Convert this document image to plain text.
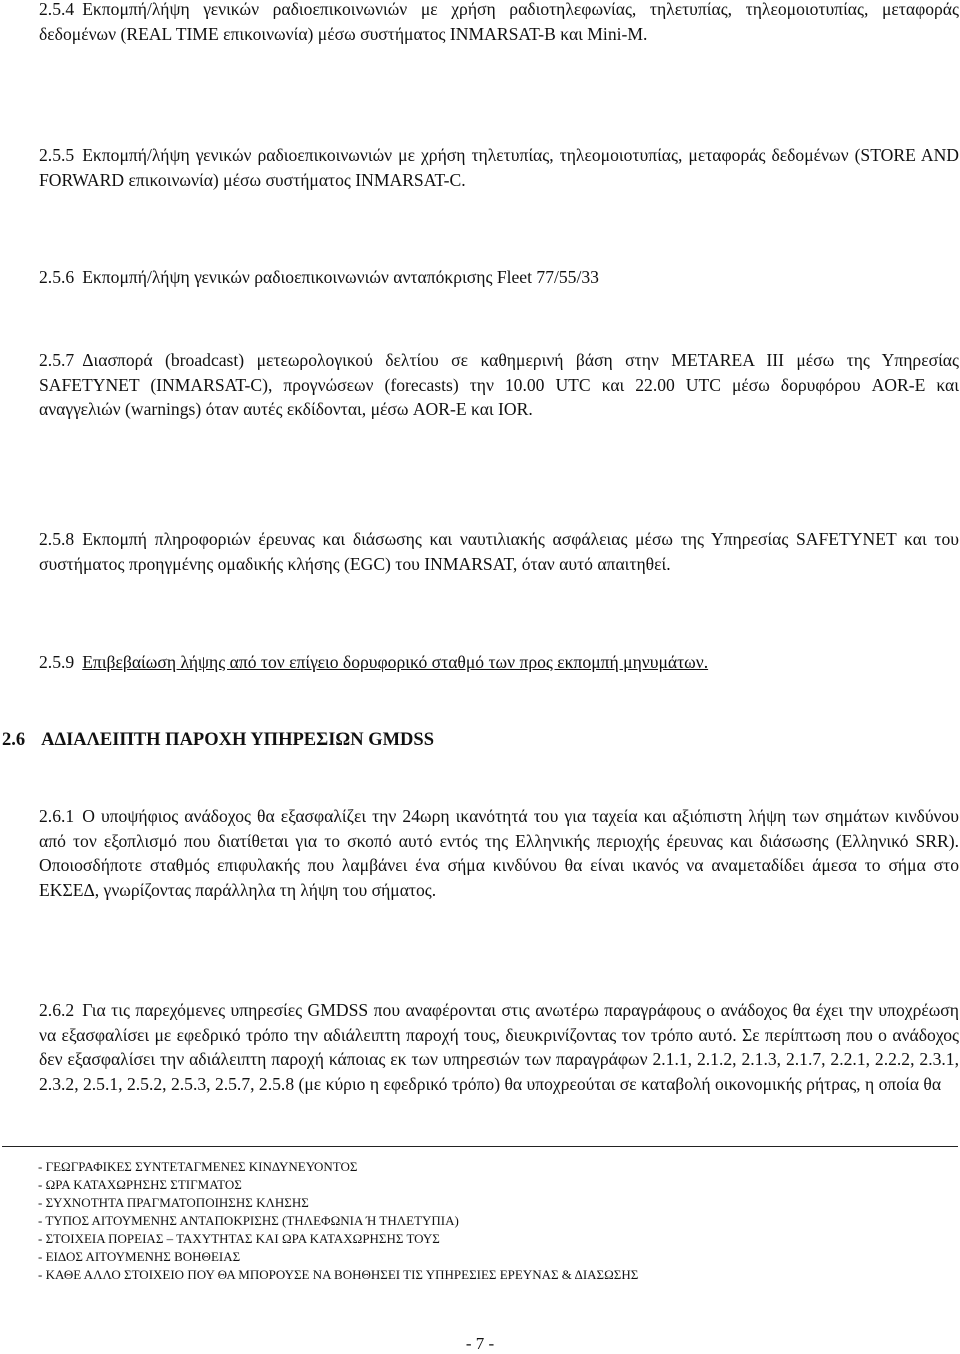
2.5.4 Εκπομπή/λήψη γενικών ραδιοεπικοινωνιών με χρήση ραδιοτηλεφωνίας, τηλετυπίας, τηλεομοιοτυπίας, μεταφοράς δεδομένων (REAL TIME επικοινωνία) μέσω συστήματος INMARSAT-B και Mini-M.

2.5.5 Εκπομπή/λήψη γενικών ραδιοεπικοινωνιών με χρήση τηλετυπίας, τηλεομοιοτυπίας, μεταφοράς δεδομένων (STORE AND FORWARD επικοινωνία) μέσω συστήματος INMARSAT-C.

2.5.6 Εκπομπή/λήψη γενικών ραδιοεπικοινωνιών ανταπόκρισης Fleet 77/55/33

2.5.7 Διασπορά (broadcast) μετεωρολογικού δελτίου σε καθημερινή βάση στην METAREA III μέσω της Υπηρεσίας SAFETYNET (INMARSAT-C), προγνώσεων (forecasts) την 10.00 UTC και 22.00 UTC μέσω δορυφόρου AOR-E και αναγγελιών (warnings) όταν αυτές εκδίδονται, μέσω AOR-E και IOR.

2.5.8 Εκπομπή πληροφοριών έρευνας και διάσωσης και ναυτιλιακής ασφάλειας μέσω της Υπηρεσίας SAFETYNET και του συστήματος προηγμένης ομαδικής κλήσης (EGC) του INMARSAT, όταν αυτό απαιτηθεί.

2.5.9 Επιβεβαίωση λήψης από τον επίγειο δορυφορικό σταθμό των προς εκπομπή μηνυμάτων.

2.6 ΑΔΙΑΛΕΙΠΤΗ ΠΑΡΟΧΗ ΥΠΗΡΕΣΙΩΝ GMDSS

2.6.1 Ο υποψήφιος ανάδοχος θα εξασφαλίζει την 24ωρη ικανότητά του για ταχεία και αξιόπιστη λήψη των σημάτων κινδύνου από τον εξοπλισμό που διατίθεται για το σκοπό αυτό εντός της Ελληνικής περιοχής έρευνας και διάσωσης (Ελληνικό SRR). Οποιοσδήποτε σταθμός επιφυλακής που λαμβάνει ένα σήμα κινδύνου θα είναι ικανός να αναμεταδίδει άμεσα το σήμα στο ΕΚΣΕΔ, γνωρίζοντας παράλληλα τη λήψη του σήματος.

2.6.2 Για τις παρεχόμενες υπηρεσίες GMDSS που αναφέρονται στις ανωτέρω παραγράφους ο ανάδοχος θα έχει την υποχρέωση να εξασφαλίσει με εφεδρικό τρόπο την αδιάλειπτη παροχή τους, διευκρινίζοντας τον τρόπο αυτό. Σε περίπτωση που ο ανάδοχος δεν εξασφαλίσει την αδιάλειπτη παροχή κάποιας εκ των υπηρεσιών των παραγράφων 2.1.1, 2.1.2, 2.1.3, 2.1.7, 2.2.1, 2.2.2, 2.3.1, 2.3.2, 2.5.1, 2.5.2, 2.5.3, 2.5.7, 2.5.8 (με κύριο η εφεδρικό τρόπο) θα υποχρεούται σε καταβολή οικονομικής ρήτρας, η οποία θα

- ΓΕΩΓΡΑΦΙΚΕΣ ΣΥΝΤΕΤΑΓΜΕΝΕΣ ΚΙΝΔΥΝΕΥΟΝΤΟΣ
- ΩΡΑ ΚΑΤΑΧΩΡΗΣΗΣ ΣΤΙΓΜΑΤΟΣ
- ΣΥΧΝΟΤΗΤΑ ΠΡΑΓΜΑΤΟΠΟΙΗΣΗΣ ΚΛΗΣΗΣ
- ΤΥΠΟΣ ΑΙΤΟΥΜΕΝΗΣ ΑΝΤΑΠΟΚΡΙΣΗΣ (ΤΗΛΕΦΩΝΙΑ Ή ΤΗΛΕΤΥΠΙΑ)
- ΣΤΟΙΧΕΙΑ ΠΟΡΕΙΑΣ – ΤΑΧΥΤΗΤΑΣ ΚΑΙ ΩΡΑ ΚΑΤΑΧΩΡΗΣΗΣ ΤΟΥΣ
- ΕΙΔΟΣ ΑΙΤΟΥΜΕΝΗΣ ΒΟΗΘΕΙΑΣ
- ΚΑΘΕ ΑΛΛΟ ΣΤΟΙΧΕΙΟ ΠΟΥ ΘΑ ΜΠΟΡΟΥΣΕ ΝΑ ΒΟΗΘΗΣΕΙ ΤΙΣ ΥΠΗΡΕΣΙΕΣ ΕΡΕΥΝΑΣ & ΔΙΑΣΩΣΗΣ
- 7 -
